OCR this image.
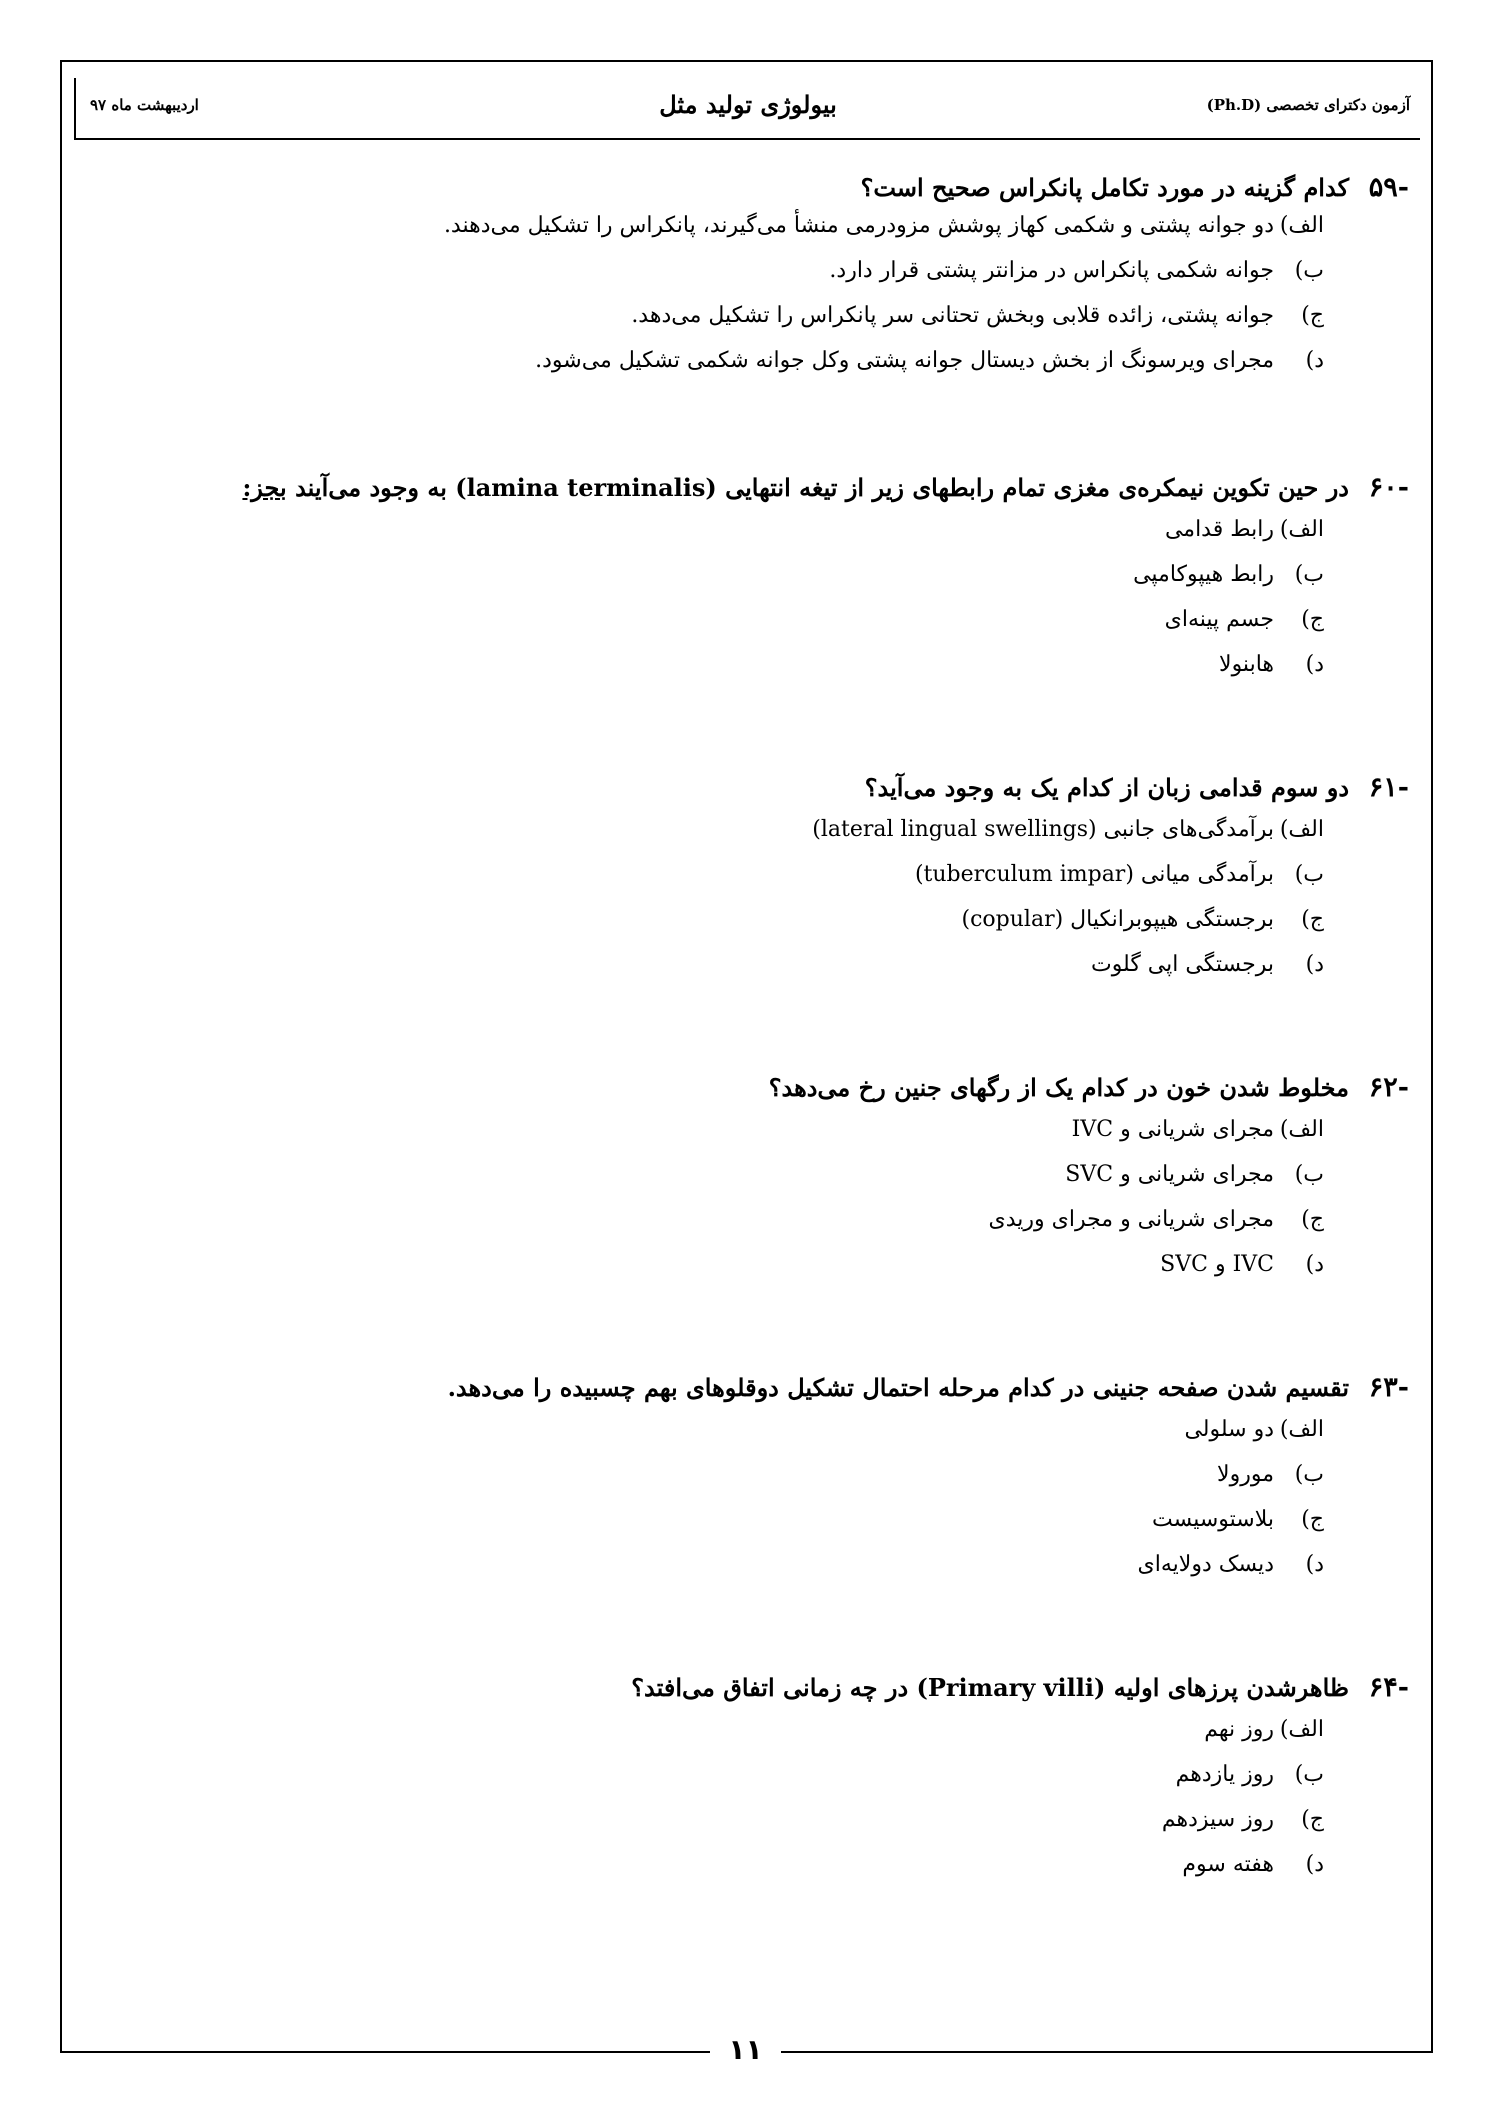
اردیبهشت ماه ۹۷	بیولوژی تولید مثل	آزمون دکترای تخصصی (Ph.D)
-۵۹
کدام گزینه در مورد تکامل پانکراس صحیح است؟
الف)
دو جوانه پشتی و شکمی کهاز پوشش مزودرمی منشأ می‌گیرند، پانکراس را تشکیل می‌دهند.
ب)
جوانه شکمی پانکراس در مزانتر پشتی قرار دارد.
ج)
جوانه پشتی، زائده قلابی وبخش تحتانی سر پانکراس را تشکیل می‌دهد.
د)
مجرای ویرسونگ از بخش دیستال جوانه پشتی وکل جوانه شکمی تشکیل می‌شود.
-۶۰
در حین تکوین نیمکره‌ی مغزی تمام رابطهای زیر از تیغه انتهایی (lamina terminalis) به وجود می‌آیند بجز:
الف)
رابط قدامی
ب)
رابط هیپوکامپی
ج)
جسم پینه‌ای
د)
هابنولا
-۶۱
دو سوم قدامی زبان از کدام یک به وجود می‌آید؟
الف)
برآمدگی‌های جانبی (lateral lingual swellings)
ب)
برآمدگی میانی (tuberculum impar)
ج)
برجستگی هیپوبرانکیال (copular)
د)
برجستگی اپی گلوت
-۶۲
مخلوط شدن خون در کدام یک از رگهای جنین رخ می‌دهد؟
الف)
مجرای شریانی و IVC
ب)
مجرای شریانی و SVC
ج)
مجرای شریانی و مجرای وریدی
د)
IVC و SVC
-۶۳
تقسیم شدن صفحه جنینی در کدام مرحله احتمال تشکیل دوقلوهای بهم چسبیده را می‌دهد.
الف)
دو سلولی
ب)
مورولا
ج)
بلاستوسیست
د)
دیسک دولایه‌ای
-۶۴
ظاهرشدن پرزهای اولیه (Primary villi) در چه زمانی اتفاق می‌افتد؟
الف)
روز نهم
ب)
روز یازدهم
ج)
روز سیزدهم
د)
هفته سوم
۱۱
